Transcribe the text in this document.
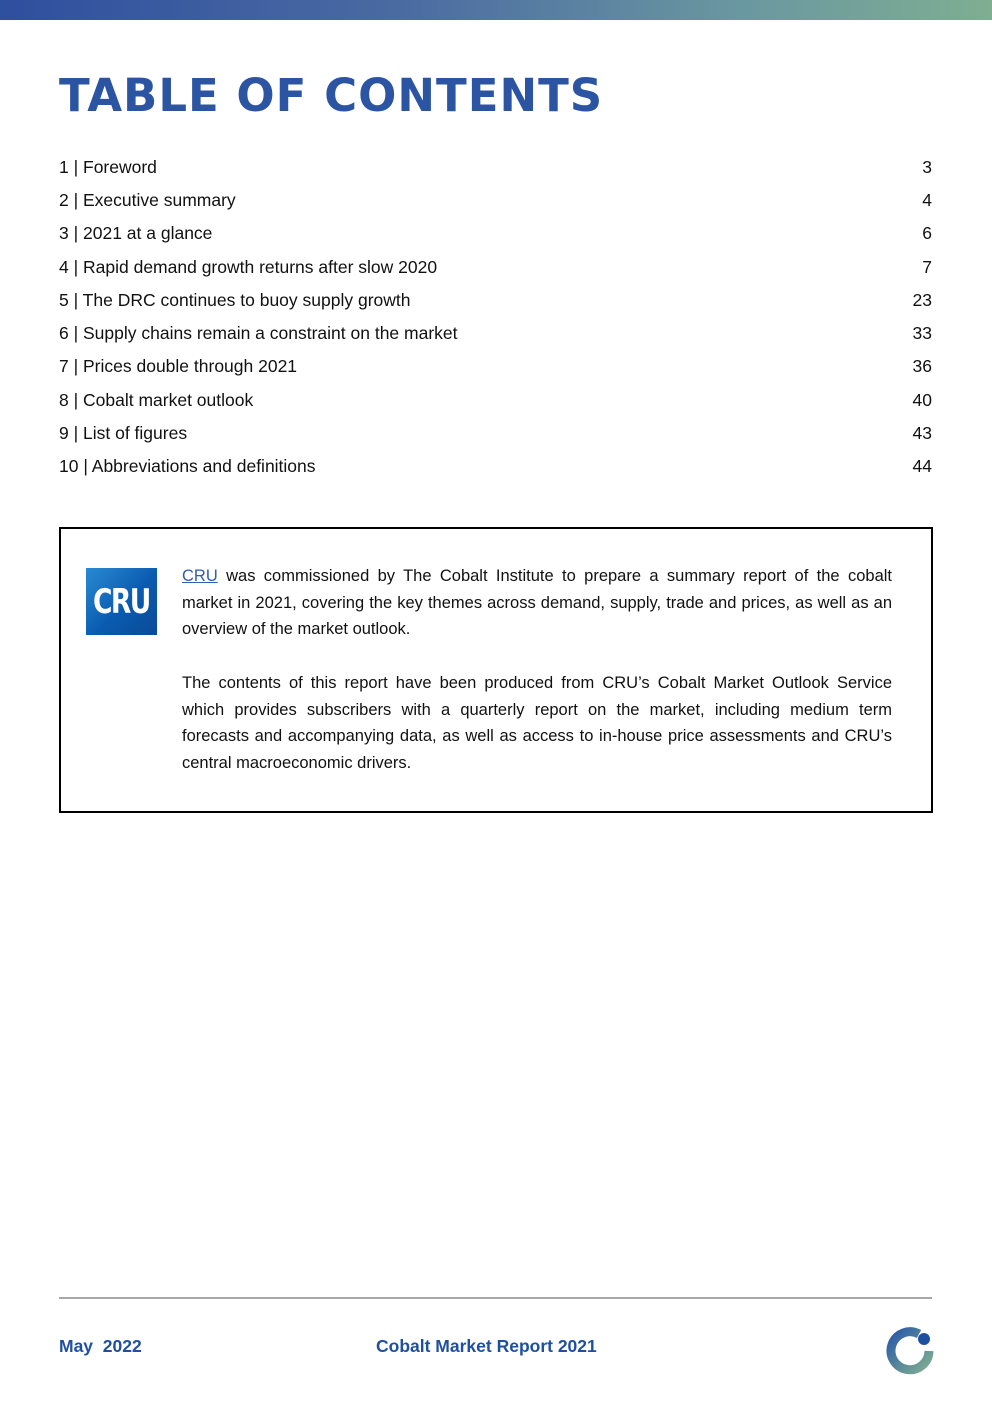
TABLE OF CONTENTS
1 | Foreword	3
2 | Executive summary	4
3 | 2021 at a glance	6
4 | Rapid demand growth returns after slow 2020	7
5 | The DRC continues to buoy supply growth	23
6 | Supply chains remain a constraint on the market	33
7 | Prices double through 2021	36
8 | Cobalt market outlook	40
9 | List of figures	43
10 | Abbreviations and definitions	44
CRU

CRU was commissioned by The Cobalt Institute to prepare a summary report of the cobalt market in 2021, covering the key themes across demand, supply, trade and prices, as well as an overview of the market outlook.

The contents of this report have been produced from CRU’s Cobalt Market Outlook Service which provides subscribers with a quarterly report on the market, including medium term forecasts and accompanying data, as well as access to in-house price assessments and CRU’s central macroeconomic drivers.

May  2022	Cobalt Market Report 2021
